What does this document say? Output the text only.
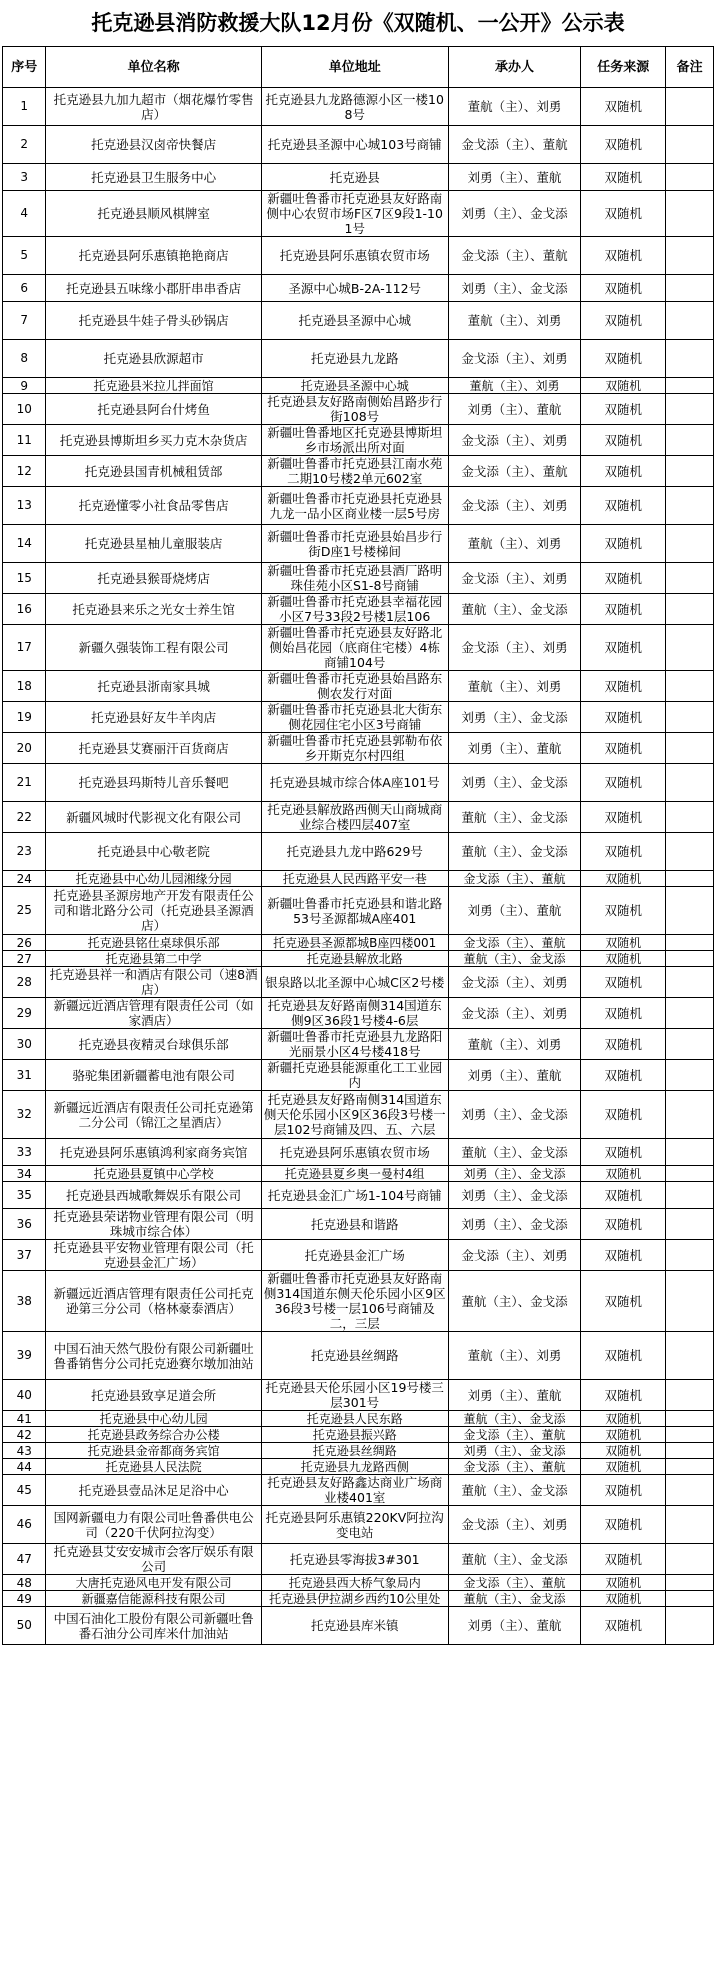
托克逊县消防救援大队12月份《双随机、一公开》公示表
序号	单位名称	单位地址	承办人	任务来源	备注
1	托克逊县九加九超市（烟花爆竹零售店）	托克逊县九龙路德源小区一楼108号	董航（主）、刘勇	双随机	
2	托克逊县汉卤帝快餐店	托克逊县圣源中心城103号商铺	金戈添（主）、董航	双随机	
3	托克逊县卫生服务中心	托克逊县	刘勇（主）、董航	双随机	
4	托克逊县顺风棋牌室	新疆吐鲁番市托克逊县友好路南侧中心农贸市场F区7区9段1-101号	刘勇（主）、金戈添	双随机	
5	托克逊县阿乐惠镇艳艳商店	托克逊县阿乐惠镇农贸市场	金戈添（主）、董航	双随机	
6	托克逊县五味缘小郡肝串串香店	圣源中心城B-2A-112号	刘勇（主）、金戈添	双随机	
7	托克逊县牛娃子骨头砂锅店	托克逊县圣源中心城	董航（主）、刘勇	双随机	
8	托克逊县欣源超市	托克逊县九龙路	金戈添（主）、刘勇	双随机	
9	托克逊县米拉儿拌面馆	托克逊县圣源中心城	董航（主）、刘勇	双随机	
10	托克逊县阿台什烤鱼	托克逊县友好路南侧始昌路步行街108号	刘勇（主）、董航	双随机	
11	托克逊县博斯坦乡买力克木杂货店	新疆吐鲁番地区托克逊县博斯坦乡市场派出所对面	金戈添（主）、刘勇	双随机	
12	托克逊县国青机械租赁部	新疆吐鲁番市托克逊县江南水苑二期10号楼2单元602室	金戈添（主）、董航	双随机	
13	托克逊懂零小社食品零售店	新疆吐鲁番市托克逊县托克逊县九龙一品小区商业楼一层5号房	金戈添（主）、刘勇	双随机	
14	托克逊县星柚儿童服装店	新疆吐鲁番市托克逊县始昌步行街D座1号楼梯间	董航（主）、刘勇	双随机	
15	托克逊县猴哥烧烤店	新疆吐鲁番市托克逊县酒厂路明珠佳苑小区S1-8号商铺	金戈添（主）、刘勇	双随机	
16	托克逊县来乐之光女士养生馆	新疆吐鲁番市托克逊县幸福花园小区7号33段2号楼1层106	董航（主）、金戈添	双随机	
17	新疆久强装饰工程有限公司	新疆吐鲁番市托克逊县友好路北侧始昌花园（底商住宅楼）4栋商铺104号	金戈添（主）、刘勇	双随机	
18	托克逊县浙南家具城	新疆吐鲁番市托克逊县始昌路东侧农发行对面	董航（主）、刘勇	双随机	
19	托克逊县好友牛羊肉店	新疆吐鲁番市托克逊县北大街东侧花园住宅小区3号商铺	刘勇（主）、金戈添	双随机	
20	托克逊县艾赛丽汗百货商店	新疆吐鲁番市托克逊县郭勒布依乡开斯克尔村四组	刘勇（主）、董航	双随机	
21	托克逊县玛斯特儿音乐餐吧	托克逊县城市综合体A座101号	刘勇（主）、金戈添	双随机	
22	新疆风城时代影视文化有限公司	托克逊县解放路西侧天山商城商业综合楼四层407室	董航（主）、金戈添	双随机	
23	托克逊县中心敬老院	托克逊县九龙中路629号	董航（主）、金戈添	双随机	
24	托克逊县中心幼儿园湘缘分园	托克逊县人民西路平安一巷	金戈添（主）、董航	双随机	
25	托克逊县圣源房地产开发有限责任公司和谐北路分公司（托克逊县圣源酒店）	新疆吐鲁番市托克逊县和谐北路53号圣源都城A座401	刘勇（主）、董航	双随机	
26	托克逊县铭仕桌球俱乐部	托克逊县圣源都城B座四楼001	金戈添（主）、董航	双随机	
27	托克逊县第二中学	托克逊县解放北路	董航（主）、金戈添	双随机	
28	托克逊县祥一和酒店有限公司（速8酒店）	银泉路以北圣源中心城C区2号楼	金戈添（主）、刘勇	双随机	
29	新疆远近酒店管理有限责任公司（如家酒店）	托克逊县友好路南侧314国道东侧9区36段1号楼4-6层	金戈添（主）、刘勇	双随机	
30	托克逊县夜精灵台球俱乐部	新疆吐鲁番市托克逊县九龙路阳光丽景小区4号楼418号	董航（主）、刘勇	双随机	
31	骆驼集团新疆蓄电池有限公司	新疆托克逊县能源重化工工业园内	刘勇（主）、董航	双随机	
32	新疆远近酒店有限责任公司托克逊第二分公司（锦江之星酒店）	托克逊县友好路南侧314国道东侧天伦乐园小区9区36段3号楼一层102号商铺及四、五、六层	刘勇（主）、金戈添	双随机	
33	托克逊县阿乐惠镇鸿利家商务宾馆	托克逊县阿乐惠镇农贸市场	董航（主）、金戈添	双随机	
34	托克逊县夏镇中心学校	托克逊县夏乡奥一曼村4组	刘勇（主）、金戈添	双随机	
35	托克逊县西城歌舞娱乐有限公司	托克逊县金汇广场1-104号商铺	刘勇（主）、金戈添	双随机	
36	托克逊县荣诺物业管理有限公司（明珠城市综合体）	托克逊县和谐路	刘勇（主）、金戈添	双随机	
37	托克逊县平安物业管理有限公司（托克逊县金汇广场）	托克逊县金汇广场	金戈添（主）、刘勇	双随机	
38	新疆远近酒店管理有限责任公司托克逊第三分公司（格林豪泰酒店）	新疆吐鲁番市托克逊县友好路南侧314国道东侧天伦乐园小区9区36段3号楼一层106号商铺及二，三层	董航（主）、金戈添	双随机	
39	中国石油天然气股份有限公司新疆吐鲁番销售分公司托克逊赛尔墩加油站	托克逊县丝绸路	董航（主）、刘勇	双随机	
40	托克逊县致享足道会所	托克逊县天伦乐园小区19号楼三层301号	刘勇（主）、董航	双随机	
41	托克逊县中心幼儿园	托克逊县人民东路	董航（主）、金戈添	双随机	
42	托克逊县政务综合办公楼	托克逊县振兴路	金戈添（主）、董航	双随机	
43	托克逊县金帝都商务宾馆	托克逊县丝绸路	刘勇（主）、金戈添	双随机	
44	托克逊县人民法院	托克逊县九龙路西侧	金戈添（主）、董航	双随机	
45	托克逊县壹品沐足足浴中心	托克逊县友好路鑫达商业广场商业楼401室	董航（主）、金戈添	双随机	
46	国网新疆电力有限公司吐鲁番供电公司（220千伏阿拉沟变）	托克逊县阿乐惠镇220KV阿拉沟变电站	金戈添（主）、刘勇	双随机	
47	托克逊县艾安安城市会客厅娱乐有限公司	托克逊县零海拔3#301	董航（主）、金戈添	双随机	
48	大唐托克逊风电开发有限公司	托克逊县西大桥气象局内	金戈添（主）、董航	双随机	
49	新疆嘉信能源科技有限公司	托克逊县伊拉湖乡西约10公里处	董航（主）、金戈添	双随机	
50	中国石油化工股份有限公司新疆吐鲁番石油分公司库米什加油站	托克逊县库米镇	刘勇（主）、董航	双随机	
